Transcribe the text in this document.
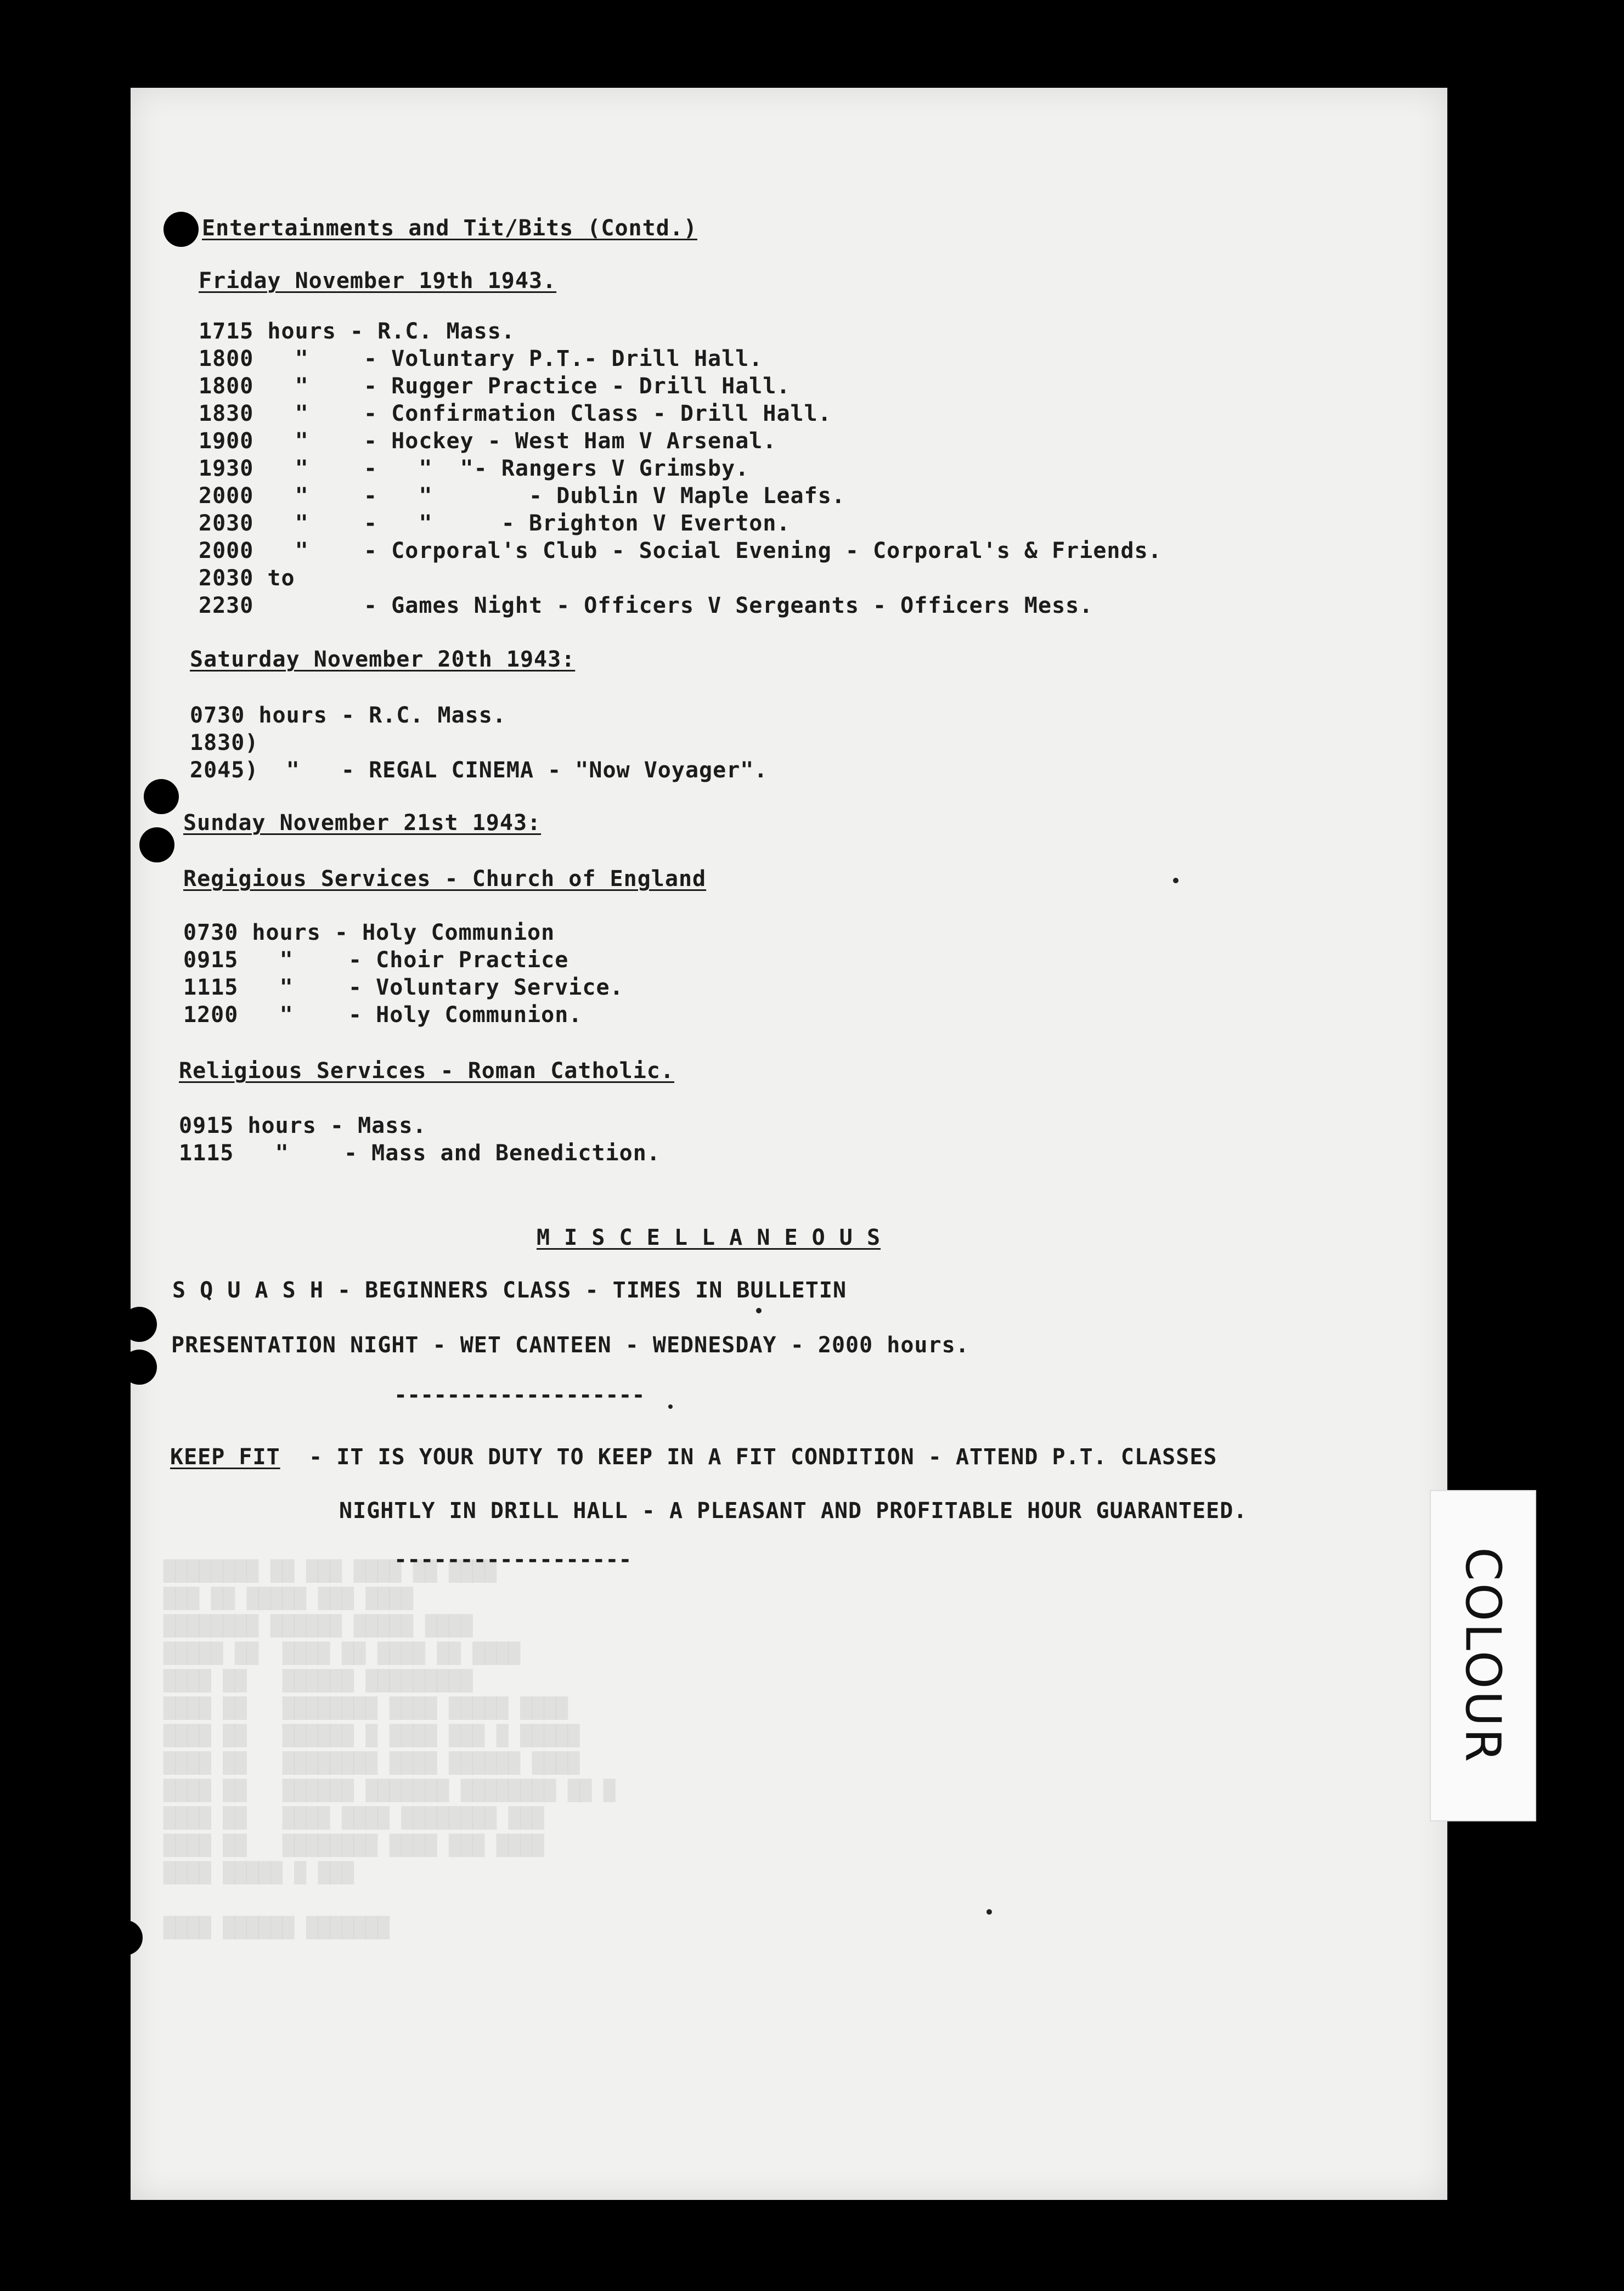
████████ ██ ███ ████ ██ ████
███ ██ █████ ███ ████
████████ ██████ █████ ████
█████ ██  ████ ██ ████ ██ ████
████ ██   ██████ █████████
████ ██   ████████ ████ █████ ████
████ ██   ██████ █ ████ ███ █ █████
████ ██   ████████ ████ ██████ ████
████ ██   ██████ ███████ ████████ ██ █
████ ██   ████ ████ ████████ ███
████ ██   ████████ ████ ███ ████
████ █████ █ ███

████ ██████ ███████
Entertainments and Tit/Bits (Contd.)
Friday November 19th 1943.
1715 hours - R.C. Mass.
1800   "    - Voluntary P.T.- Drill Hall.
1800   "    - Rugger Practice - Drill Hall.
1830   "    - Confirmation Class - Drill Hall.
1900   "    - Hockey - West Ham V Arsenal.
1930   "    -   "  "- Rangers V Grimsby.
2000   "    -   "       - Dublin V Maple Leafs.
2030   "    -   "     - Brighton V Everton.
2000   "    - Corporal's Club - Social Evening - Corporal's & Friends.
2030 to
2230        - Games Night - Officers V Sergeants - Officers Mess.
Saturday November 20th 1943:
0730 hours - R.C. Mass.
1830)
2045)  "   - REGAL CINEMA - "Now Voyager".
Sunday November 21st 1943:
Regigious Services - Church of England
0730 hours - Holy Communion
0915   "    - Choir Practice
1115   "    - Voluntary Service.
1200   "    - Holy Communion.
Religious Services - Roman Catholic.
0915 hours - Mass.
1115   "    - Mass and Benediction.
M I S C E L L A N E O U S
S Q U A S H - BEGINNERS CLASS - TIMES IN BULLETIN
PRESENTATION NIGHT - WET CANTEEN - WEDNESDAY - 2000 hours.
-------------------
KEEP FIT - IT IS YOUR DUTY TO KEEP IN A FIT CONDITION - ATTEND P.T. CLASSES
NIGHTLY IN DRILL HALL - A PLEASANT AND PROFITABLE HOUR GUARANTEED.
------------------	COLOUR
